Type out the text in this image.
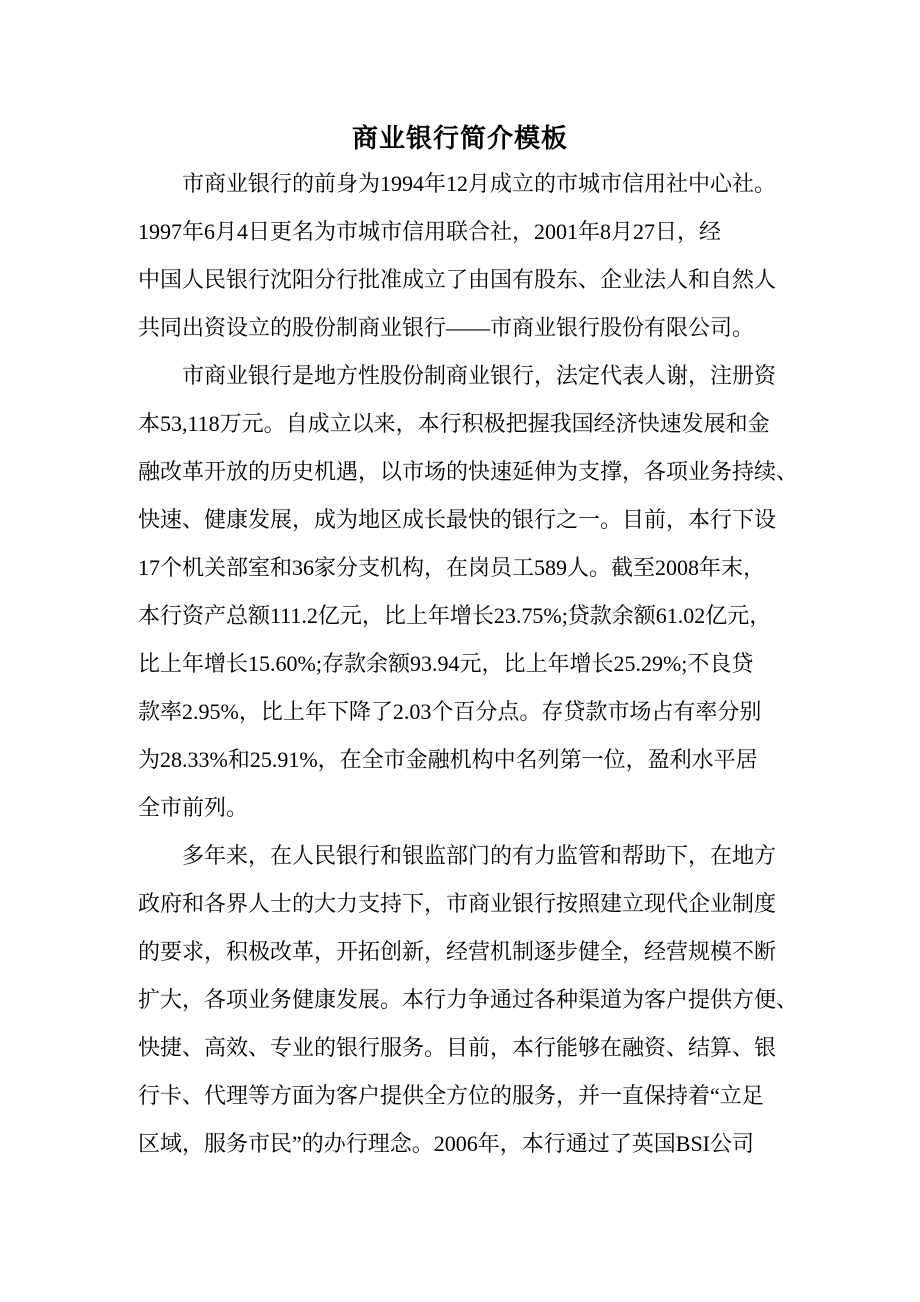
商业银行简介模板
市商业银行的前身为1994年12月成立的市城市信用社中心社。
1997年6月4日更名为市城市信用联合社，2001年8月27日，经
中国人民银行沈阳分行批准成立了由国有股东、企业法人和自然人
共同出资设立的股份制商业银行——市商业银行股份有限公司。
市商业银行是地方性股份制商业银行，法定代表人谢，注册资
本53,118万元。自成立以来，本行积极把握我国经济快速发展和金
融改革开放的历史机遇，以市场的快速延伸为支撑，各项业务持续、
快速、健康发展，成为地区成长最快的银行之一。目前，本行下设
17个机关部室和36家分支机构，在岗员工589人。截至2008年末，
本行资产总额111.2亿元，比上年增长23.75%;贷款余额61.02亿元，
比上年增长15.60%;存款余额93.94元，比上年增长25.29%;不良贷
款率2.95%，比上年下降了2.03个百分点。存贷款市场占有率分别
为28.33%和25.91%，在全市金融机构中名列第一位，盈利水平居
全市前列。
多年来，在人民银行和银监部门的有力监管和帮助下，在地方
政府和各界人士的大力支持下，市商业银行按照建立现代企业制度
的要求，积极改革，开拓创新，经营机制逐步健全，经营规模不断
扩大，各项业务健康发展。本行力争通过各种渠道为客户提供方便、
快捷、高效、专业的银行服务。目前，本行能够在融资、结算、银
行卡、代理等方面为客户提供全方位的服务，并一直保持着“立足
区域，服务市民”的办行理念。2006年，本行通过了英国BSI公司
